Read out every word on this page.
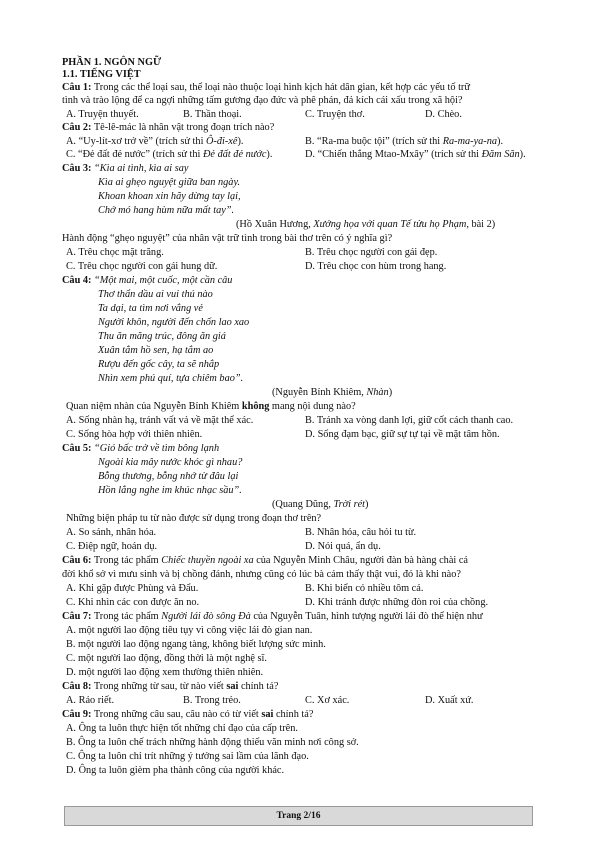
PHẦN 1. NGÔN NGỮ
1.1. TIẾNG VIỆT
Câu 1: Trong các thể loại sau, thể loại nào thuộc loại hình kịch hát dân gian, kết hợp các yếu tố trữ
tình và trào lộng để ca ngợi những tấm gương đạo đức và phê phán, đả kích cái xấu trong xã hội?
A. Truyện thuyết.	B. Thần thoại.	C. Truyện thơ.	D. Chèo.
Câu 2: Tê-lê-mác là nhân vật trong đoạn trích nào?
A. “Uy-lít-xơ trở về” (trích sử thi Ô-đi-xê).	B. “Ra-ma buộc tội” (trích sử thi Ra-ma-ya-na).
C. “Đẻ đất đẻ nước” (trích sử thi Đẻ đất đẻ nước).	D. “Chiến thắng Mtao-Mxây” (trích sử thi Đăm Săn).
Câu 3: “Kìa ai tình, kìa ai say
Kìa ai ghẹo nguyệt giữa ban ngày.
Khoan khoan xin hãy dừng tay lại,
Chớ mó hang hùm nữa mất tay”.
(Hồ Xuân Hương, Xướng họa với quan Tế tửu họ Phạm, bài 2)
Hành động “ghẹo nguyệt” của nhân vật trữ tình trong bài thơ trên có ý nghĩa gì?
A. Trêu chọc mặt trăng.	B. Trêu chọc người con gái đẹp.
C. Trêu chọc người con gái hung dữ.	D. Trêu chọc con hùm trong hang.
Câu 4: “Một mai, một cuốc, một cần câu
Thơ thẩn dầu ai vui thú nào
Ta dại, ta tìm nơi vắng vẻ
Người khôn, người đến chốn lao xao
Thu ăn măng trúc, đông ăn giá
Xuân tắm hồ sen, hạ tắm ao
Rượu đến gốc cây, ta sẽ nhắp
Nhìn xem phú quí, tựa chiêm bao”.
(Nguyễn Bỉnh Khiêm, Nhàn)
Quan niệm nhàn của Nguyễn Bỉnh Khiêm không mang nội dung nào?
A. Sống nhàn hạ, tránh vất vả về mặt thể xác.	B. Tránh xa vòng danh lợi, giữ cốt cách thanh cao.
C. Sống hòa hợp với thiên nhiên.	D. Sống đạm bạc, giữ sự tự tại về mặt tâm hồn.
Câu 5: “Gió bấc trở về tìm bông lạnh
Ngoài kia mây nước khóc gì nhau?
Bỗng thương, bỗng nhớ từ đâu lại
Hồn lắng nghe im khúc nhạc sầu”.
(Quang Dũng, Trời rét)
Những biện pháp tu từ nào được sử dụng trong đoạn thơ trên?
A. So sánh, nhân hóa.	B. Nhân hóa, câu hỏi tu từ.
C. Điệp ngữ, hoán dụ.	D. Nói quá, ẩn dụ.
Câu 6: Trong tác phẩm Chiếc thuyền ngoài xa của Nguyễn Minh Châu, người đàn bà hàng chài cả
đời khổ sở vì mưu sinh và bị chồng đánh, nhưng cũng có lúc bà cảm thấy thật vui, đó là khi nào?
A. Khi gặp được Phùng và Đẩu.	B. Khi biển có nhiều tôm cá.
C. Khi nhìn các con được ăn no.	D. Khi tránh được những đòn roi của chồng.
Câu 7: Trong tác phẩm Người lái đò sông Đà của Nguyễn Tuân, hình tượng người lái đò thể hiện như
A. một người lao động tiêu tụy vì công việc lái đò gian nan.
B. một người lao động ngang tàng, không biết lượng sức mình.
C. một người lao động, đồng thời là một nghệ sĩ.
D. một người lao động xem thường thiên nhiên.
Câu 8: Trong những từ sau, từ nào viết sai chính tả?
A. Rảo riết.	B. Trong trẻo.	C. Xơ xác.	D. Xuất xứ.
Câu 9: Trong những câu sau, câu nào có từ viết sai chính tả?
A. Ông ta luôn thực hiện tốt những chỉ đạo của cấp trên.
B. Ông ta luôn chế trách những hành động thiếu văn minh nơi công sở.
C. Ông ta luôn chỉ trít những ý tưởng sai lầm của lãnh đạo.
D. Ông ta luôn gièm pha thành công của người khác.
Trang 2/16
